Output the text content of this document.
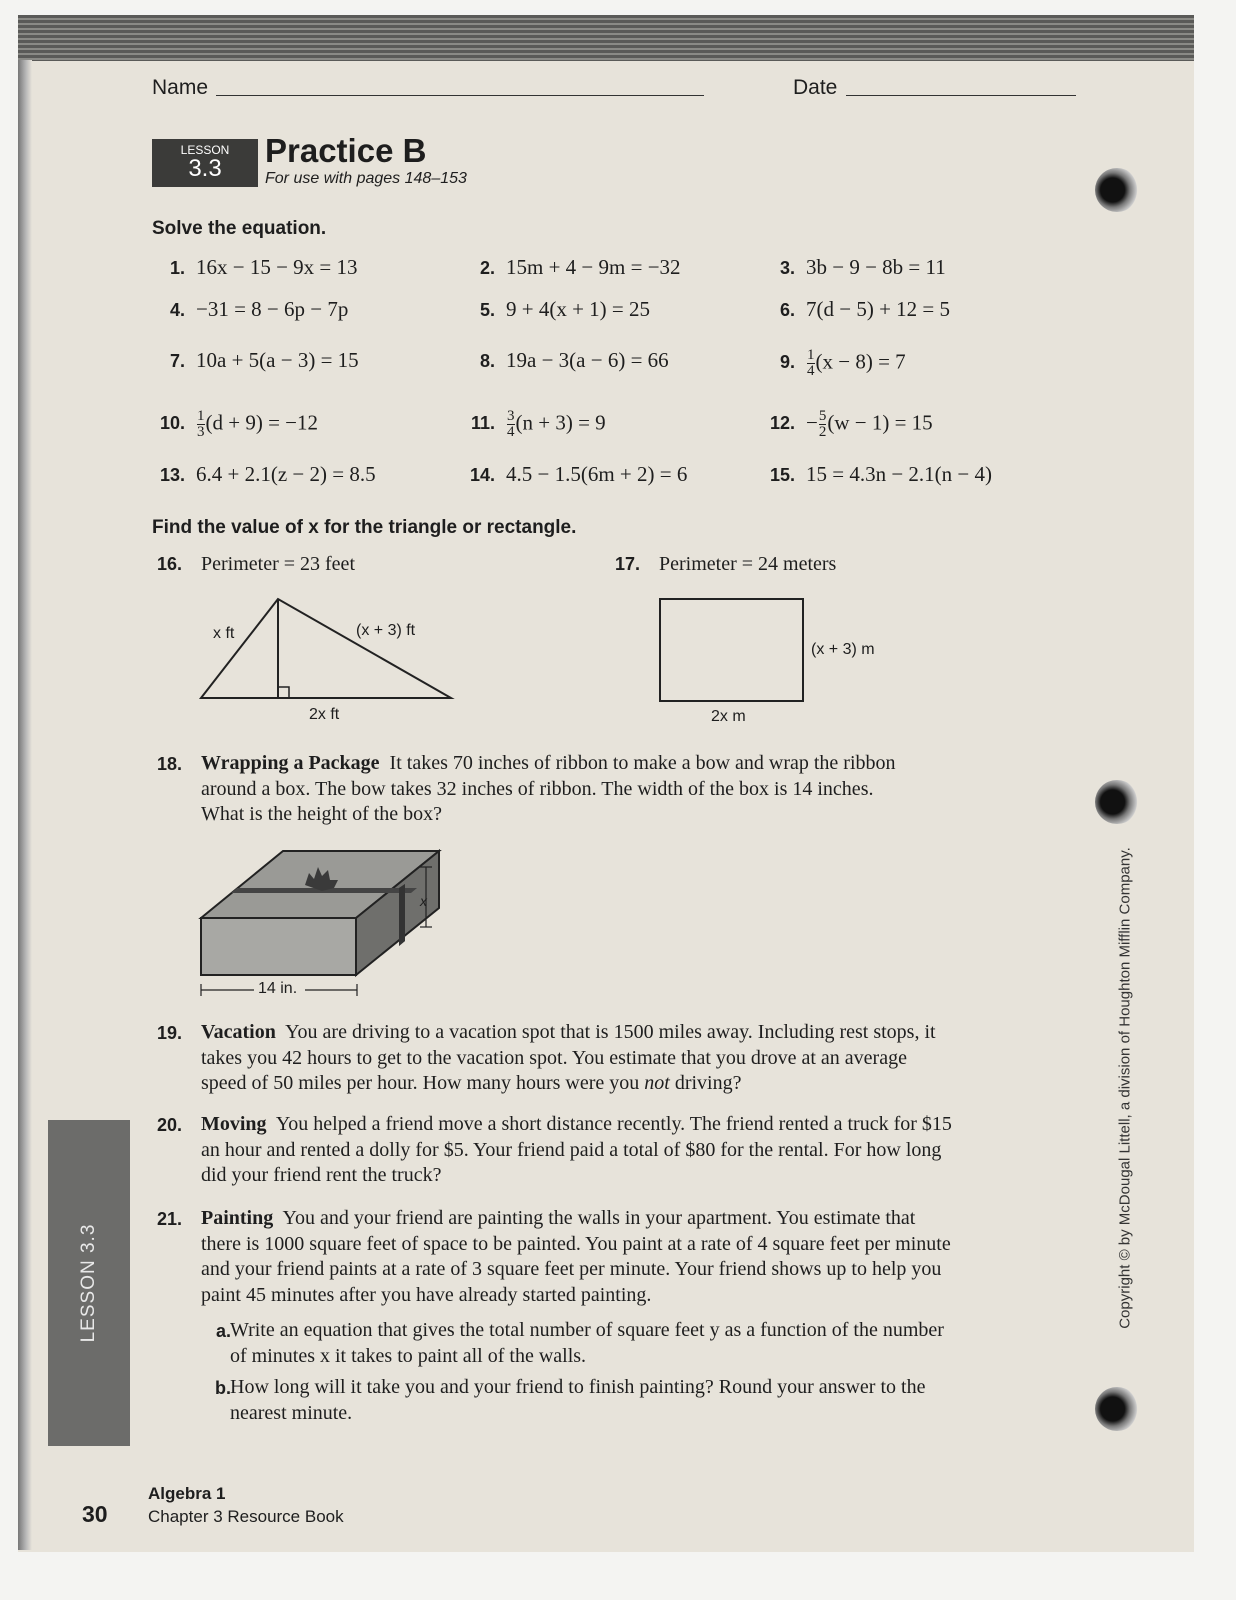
Name	Date
LESSON
3.3	Practice B
For use with pages 148–153
Solve the equation.
1. 16x − 15 − 9x = 13	2. 15m + 4 − 9m = −32	3. 3b − 9 − 8b = 11
4. −31 = 8 − 6p − 7p	5. 9 + 4(x + 1) = 25	6. 7(d − 5) + 12 = 5
7. 10a + 5(a − 3) = 15	8. 19a − 3(a − 6) = 66	9. $\frac{1}{4} (x - 8) = 7$
10. $\frac{1}{3} (d + 9) = -12$	11. $\frac{3}{4} (n + 3) = 9$	12. − $\frac{5}{2} (w - 1) = 15$
13. 6.4 + 2.1(z − 2) = 8.5	14. 4.5 − 1.5(6m + 2) = 6	15. 15 = 4.3n − 2.1(n − 4)
Find the value of x for the triangle or rectangle.
16. Perimeter = 23 feet	17. Perimeter = 24 meters
x ft	(x + 3) ft
2x ft
(x + 3) m
2x m
x
14 in.
18. Wrapping a Package It takes 70 inches of ribbon to make a bow and wrap the ribbon around a box. The bow takes 32 inches of ribbon. The width of the box is 14 inches. What is the height of the box?
19. Vacation You are driving to a vacation spot that is 1500 miles away. Including rest stops, it takes you 42 hours to get to the vacation spot. You estimate that you drove at an average speed of 50 miles per hour. How many hours were you not driving?
20. Moving You helped a friend move a short distance recently. The friend rented a truck for $15 an hour and rented a dolly for $5. Your friend paid a total of $80 for the rental. For how long did your friend rent the truck?
21. Painting You and your friend are painting the walls in your apartment. You estimate that there is 1000 square feet of space to be painted. You paint at a rate of 4 square feet per minute and your friend paints at a rate of 3 square feet per minute. Your friend shows up to help you paint 45 minutes after you have already started painting.
a. Write an equation that gives the total number of square feet y as a function of the number of minutes x it takes to paint all of the walls.
b. How long will it take you and your friend to finish painting? Round your answer to the nearest minute.
LESSON 3.3
30
Algebra 1
Chapter 3 Resource Book
Copyright © by McDougal Littell, a division of Houghton Mifflin Company.
